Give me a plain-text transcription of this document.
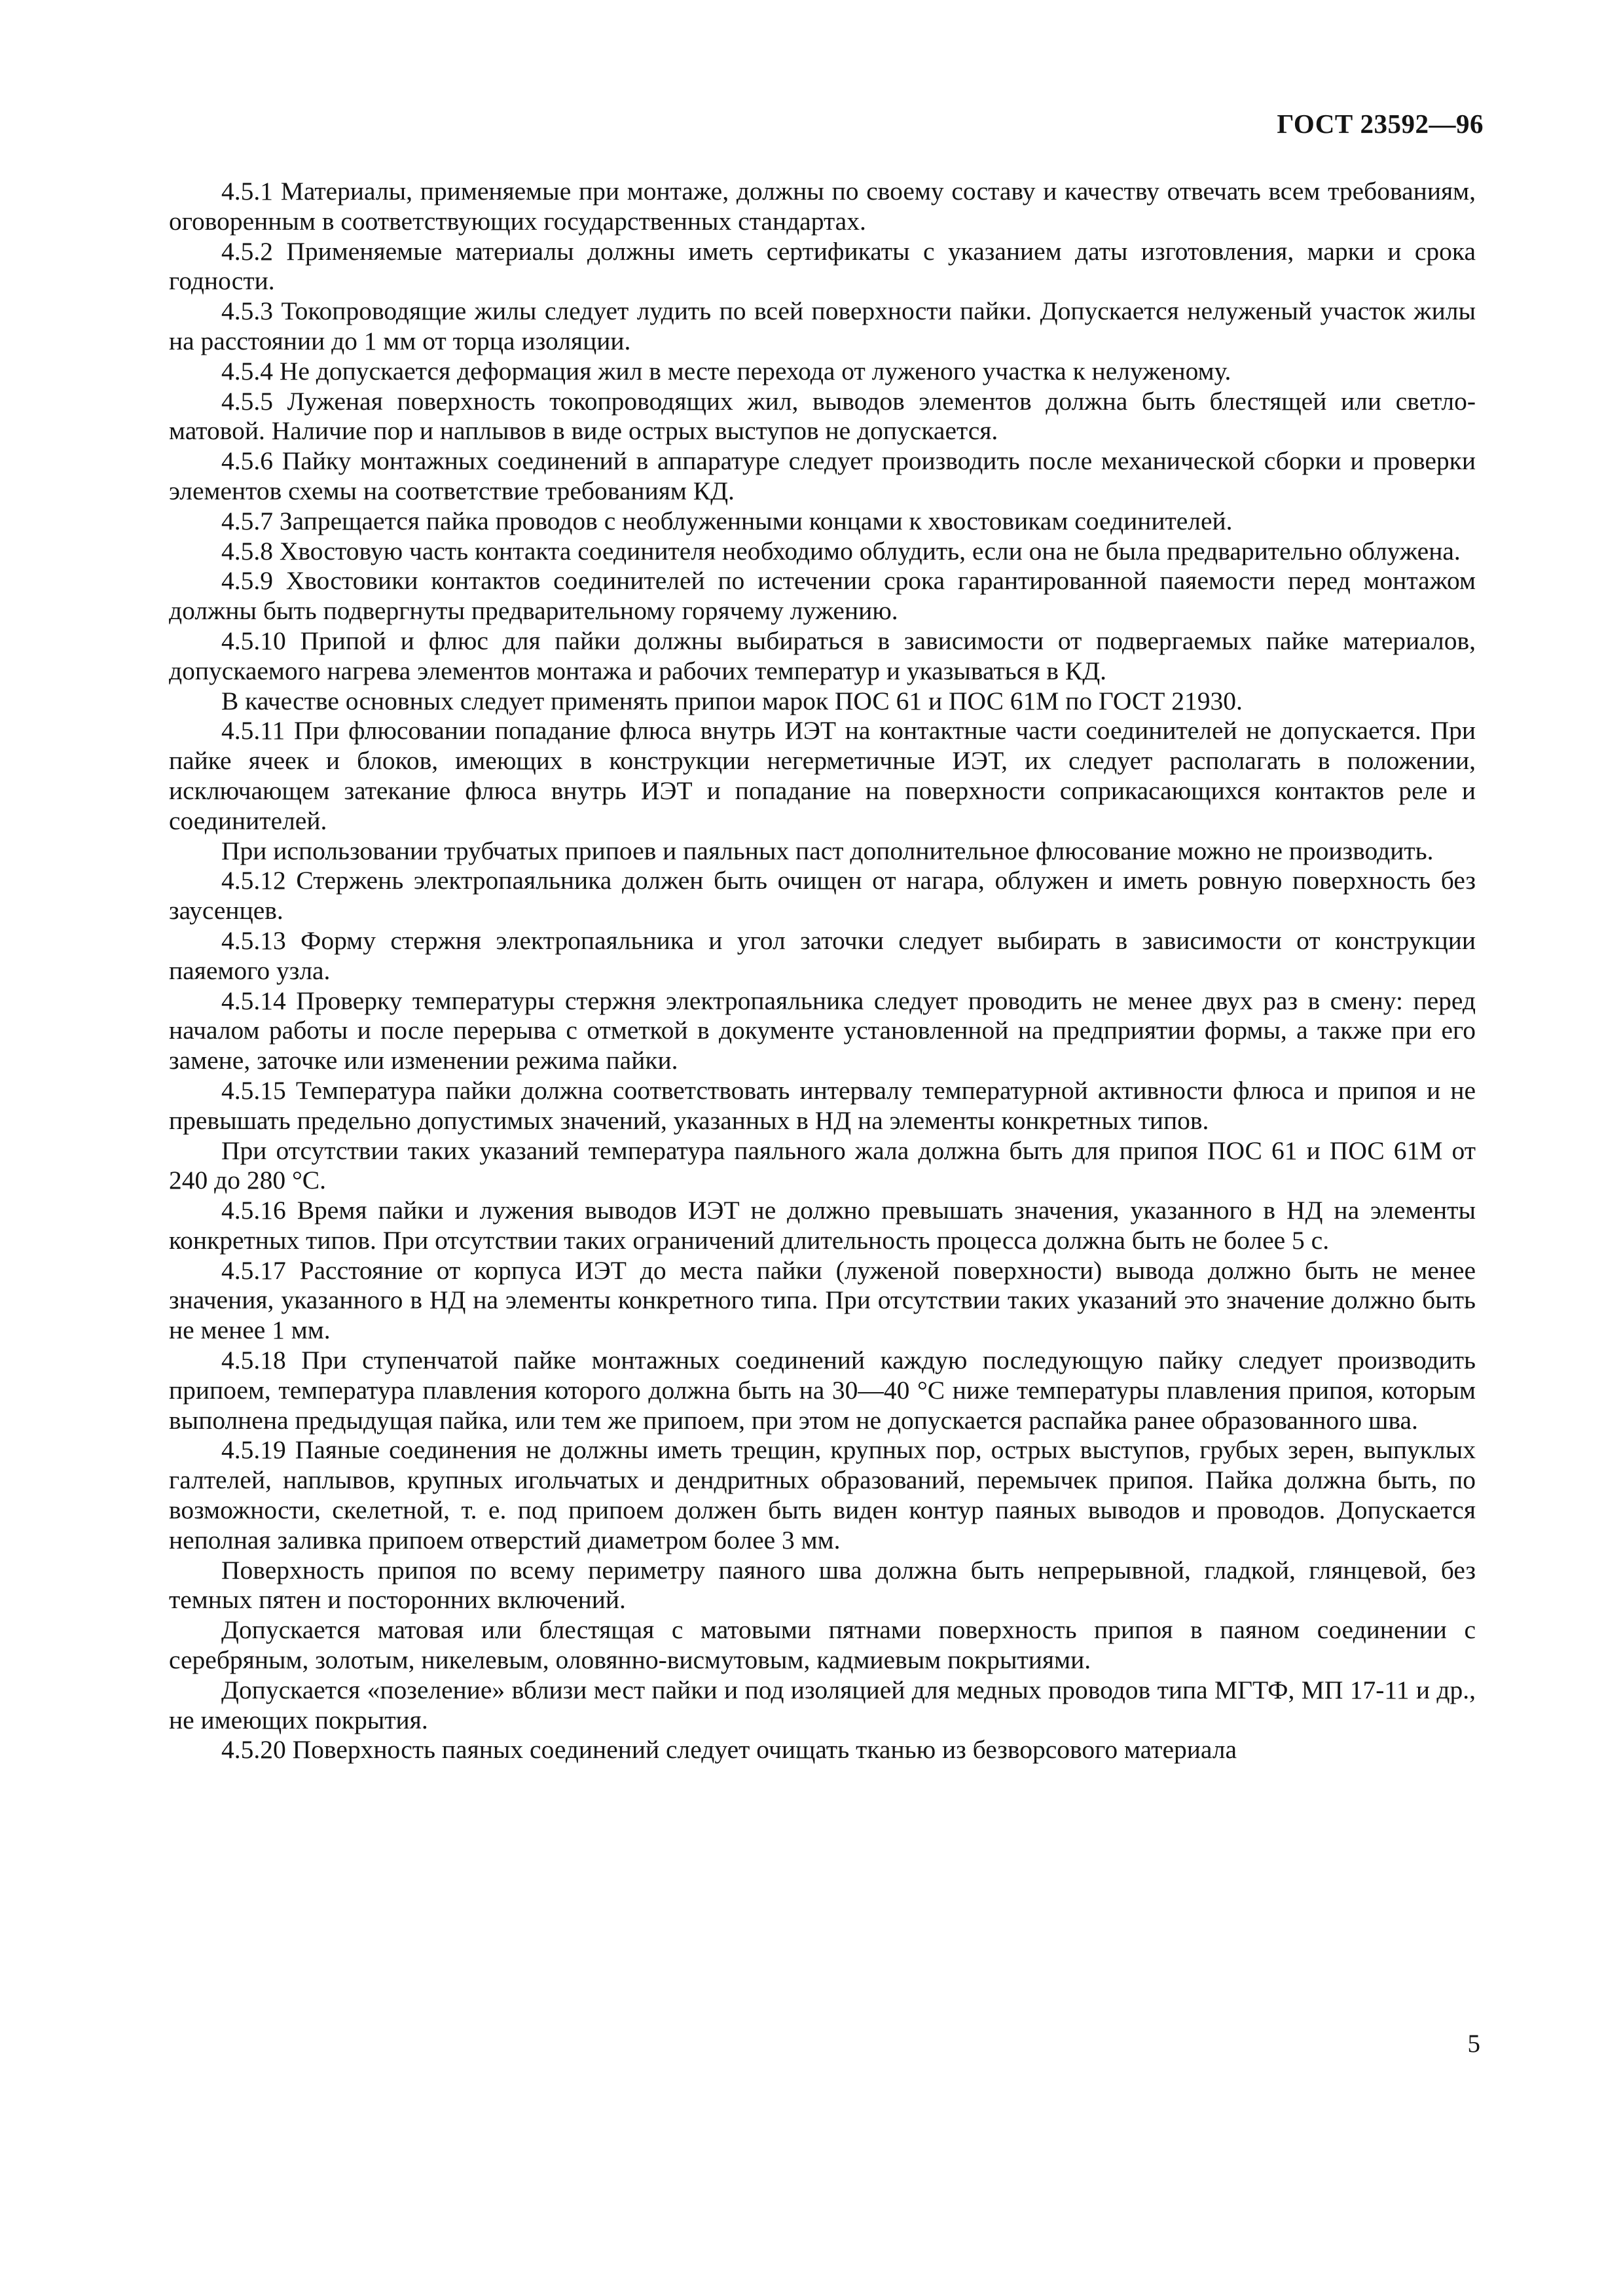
ГОСТ 23592—96

4.5.1 Материалы, применяемые при монтаже, должны по своему составу и качеству отвечать всем требованиям, оговоренным в соответствующих государственных стандартах.

4.5.2 Применяемые материалы должны иметь сертификаты с указанием даты изготовления, марки и срока годности.

4.5.3 Токопроводящие жилы следует лудить по всей поверхности пайки. Допускается нелуженый участок жилы на расстоянии до 1 мм от торца изоляции.

4.5.4 Не допускается деформация жил в месте перехода от луженого участка к нелуженому.

4.5.5 Луженая поверхность токопроводящих жил, выводов элементов должна быть блестящей или светло-матовой. Наличие пор и наплывов в виде острых выступов не допускается.

4.5.6 Пайку монтажных соединений в аппаратуре следует производить после механической сборки и проверки элементов схемы на соответствие требованиям КД.

4.5.7 Запрещается пайка проводов с необлуженными концами к хвостовикам соединителей.

4.5.8 Хвостовую часть контакта соединителя необходимо облудить, если она не была предварительно облужена.

4.5.9 Хвостовики контактов соединителей по истечении срока гарантированной паяемости перед монтажом должны быть подвергнуты предварительному горячему лужению.

4.5.10 Припой и флюс для пайки должны выбираться в зависимости от подвергаемых пайке материалов, допускаемого нагрева элементов монтажа и рабочих температур и указываться в КД.

В качестве основных следует применять припои марок ПОС 61 и ПОС 61М по ГОСТ 21930.

4.5.11 При флюсовании попадание флюса внутрь ИЭТ на контактные части соединителей не допускается. При пайке ячеек и блоков, имеющих в конструкции негерметичные ИЭТ, их следует располагать в положении, исключающем затекание флюса внутрь ИЭТ и попадание на поверхности соприкасающихся контактов реле и соединителей.

При использовании трубчатых припоев и паяльных паст дополнительное флюсование можно не производить.

4.5.12 Стержень электропаяльника должен быть очищен от нагара, облужен и иметь ровную поверхность без заусенцев.

4.5.13 Форму стержня электропаяльника и угол заточки следует выбирать в зависимости от конструкции паяемого узла.

4.5.14 Проверку температуры стержня электропаяльника следует проводить не менее двух раз в смену: перед началом работы и после перерыва с отметкой в документе установленной на предприятии формы, а также при его замене, заточке или изменении режима пайки.

4.5.15 Температура пайки должна соответствовать интервалу температурной активности флюса и припоя и не превышать предельно допустимых значений, указанных в НД на элементы конкретных типов.

При отсутствии таких указаний температура паяльного жала должна быть для припоя ПОС 61 и ПОС 61М от 240 до 280 °С.

4.5.16 Время пайки и лужения выводов ИЭТ не должно превышать значения, указанного в НД на элементы конкретных типов. При отсутствии таких ограничений длительность процесса должна быть не более 5 с.

4.5.17 Расстояние от корпуса ИЭТ до места пайки (луженой поверхности) вывода должно быть не менее значения, указанного в НД на элементы конкретного типа. При отсутствии таких указаний это значение должно быть не менее 1 мм.

4.5.18 При ступенчатой пайке монтажных соединений каждую последующую пайку следует производить припоем, температура плавления которого должна быть на 30—40 °С ниже температуры плавления припоя, которым выполнена предыдущая пайка, или тем же припоем, при этом не допускается распайка ранее образованного шва.

4.5.19 Паяные соединения не должны иметь трещин, крупных пор, острых выступов, грубых зерен, выпуклых галтелей, наплывов, крупных игольчатых и дендритных образований, перемычек припоя. Пайка должна быть, по возможности, скелетной, т. е. под припоем должен быть виден контур паяных выводов и проводов. Допускается неполная заливка припоем отверстий диаметром более 3 мм.

Поверхность припоя по всему периметру паяного шва должна быть непрерывной, гладкой, глянцевой, без темных пятен и посторонних включений.

Допускается матовая или блестящая с матовыми пятнами поверхность припоя в паяном соединении с серебряным, золотым, никелевым, оловянно-висмутовым, кадмиевым покрытиями.

Допускается «позеление» вблизи мест пайки и под изоляцией для медных проводов типа МГТФ, МП 17-11 и др., не имеющих покрытия.

4.5.20 Поверхность паяных соединений следует очищать тканью из безворсового материала

5
